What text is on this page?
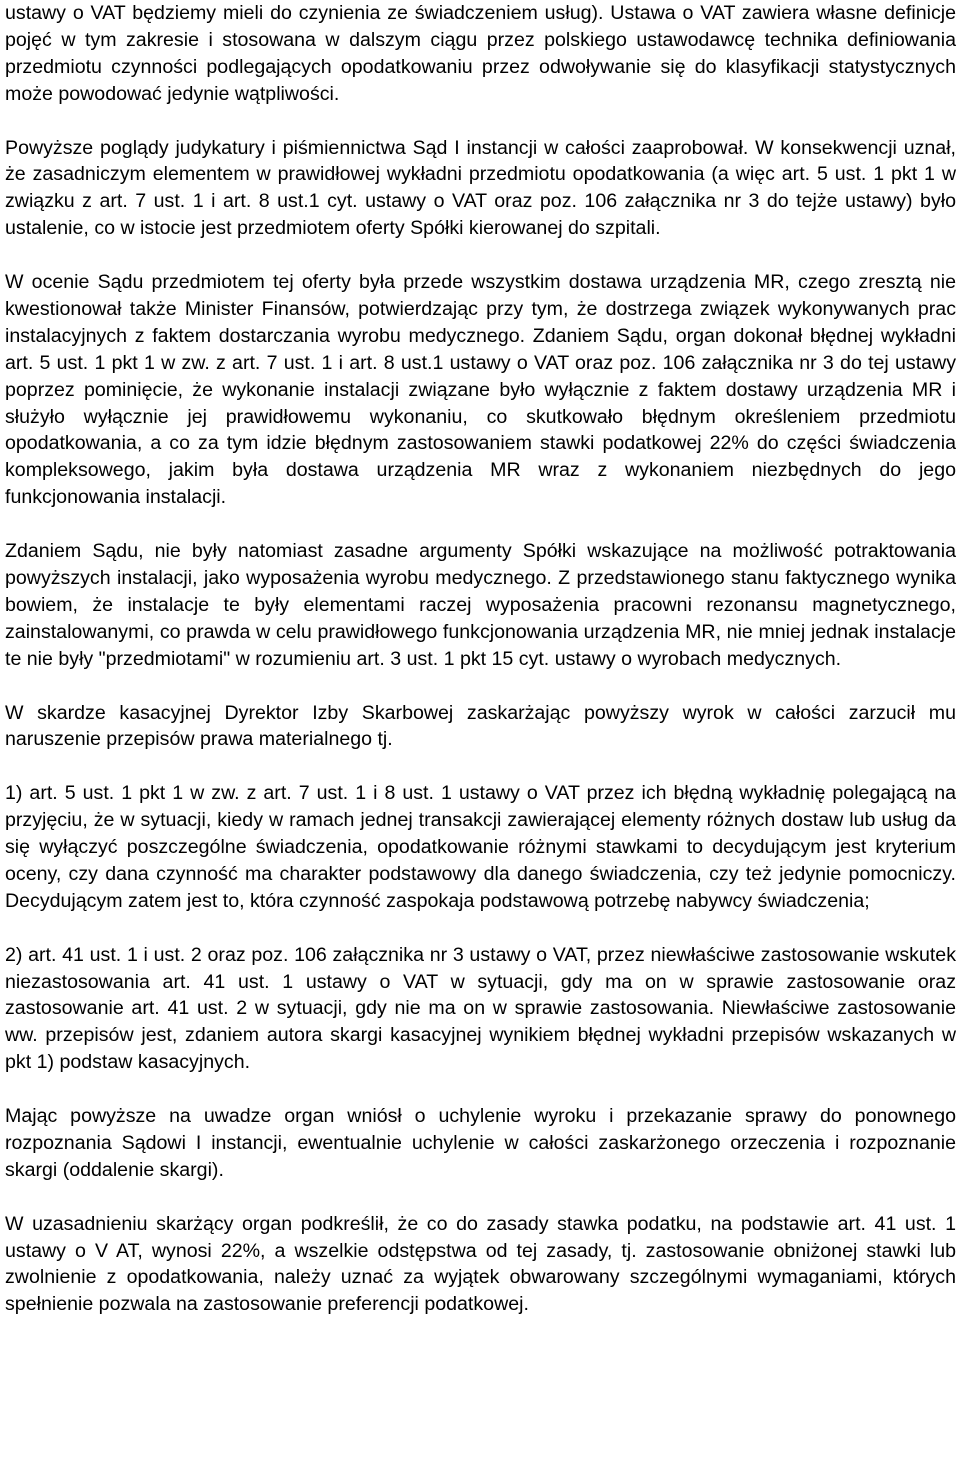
ustawy o VAT będziemy mieli do czynienia ze świadczeniem usług). Ustawa o VAT zawiera własne definicje pojęć w tym zakresie i stosowana w dalszym ciągu przez polskiego ustawodawcę technika definiowania przedmiotu czynności podlegających opodatkowaniu przez odwoływanie się do klasyfikacji statystycznych może powodować jedynie wątpliwości.

Powyższe poglądy judykatury i piśmiennictwa Sąd I instancji w całości zaaprobował. W konsekwencji uznał, że zasadniczym elementem w prawidłowej wykładni przedmiotu opodatkowania (a więc art. 5 ust. 1 pkt 1 w związku z art. 7 ust. 1 i art. 8 ust.1 cyt. ustawy o VAT oraz poz. 106 załącznika nr 3 do tejże ustawy) było ustalenie, co w istocie jest przedmiotem oferty Spółki kierowanej do szpitali.

W ocenie Sądu przedmiotem tej oferty była przede wszystkim dostawa urządzenia MR, czego zresztą nie kwestionował także Minister Finansów, potwierdzając przy tym, że dostrzega związek wykonywanych prac instalacyjnych z faktem dostarczania wyrobu medycznego. Zdaniem Sądu, organ dokonał błędnej wykładni art. 5 ust. 1 pkt 1 w zw. z art. 7 ust. 1 i art. 8 ust.1 ustawy o VAT oraz poz. 106 załącznika nr 3 do tej ustawy poprzez pominięcie, że wykonanie instalacji związane było wyłącznie z faktem dostawy urządzenia MR i służyło wyłącznie jej prawidłowemu wykonaniu, co skutkowało błędnym określeniem przedmiotu opodatkowania, a co za tym idzie błędnym zastosowaniem stawki podatkowej 22% do części świadczenia kompleksowego, jakim była dostawa urządzenia MR wraz z wykonaniem niezbędnych do jego funkcjonowania instalacji.

Zdaniem Sądu, nie były natomiast zasadne argumenty Spółki wskazujące na możliwość potraktowania powyższych instalacji, jako wyposażenia wyrobu medycznego. Z przedstawionego stanu faktycznego wynika bowiem, że instalacje te były elementami raczej wyposażenia pracowni rezonansu magnetycznego, zainstalowanymi, co prawda w celu prawidłowego funkcjonowania urządzenia MR, nie mniej jednak instalacje te nie były "przedmiotami" w rozumieniu art. 3 ust. 1 pkt 15 cyt. ustawy o wyrobach medycznych.

W skardze kasacyjnej Dyrektor Izby Skarbowej zaskarżając powyższy wyrok w całości zarzucił mu naruszenie przepisów prawa materialnego tj.

1) art. 5 ust. 1 pkt 1 w zw. z art. 7 ust. 1 i 8 ust. 1 ustawy o VAT przez ich błędną wykładnię polegającą na przyjęciu, że w sytuacji, kiedy w ramach jednej transakcji zawierającej elementy różnych dostaw lub usług da się wyłączyć poszczególne świadczenia, opodatkowanie różnymi stawkami to decydującym jest kryterium oceny, czy dana czynność ma charakter podstawowy dla danego świadczenia, czy też jedynie pomocniczy. Decydującym zatem jest to, która czynność zaspokaja podstawową potrzebę nabywcy świadczenia;

2) art. 41 ust. 1 i ust. 2 oraz poz. 106 załącznika nr 3 ustawy o VAT, przez niewłaściwe zastosowanie wskutek niezastosowania art. 41 ust. 1 ustawy o VAT w sytuacji, gdy ma on w sprawie zastosowanie oraz zastosowanie art. 41 ust. 2 w sytuacji, gdy nie ma on w sprawie zastosowania. Niewłaściwe zastosowanie ww. przepisów jest, zdaniem autora skargi kasacyjnej wynikiem błędnej wykładni przepisów wskazanych w pkt 1) podstaw kasacyjnych.

Mając powyższe na uwadze organ wniósł o uchylenie wyroku i przekazanie sprawy do ponownego rozpoznania Sądowi I instancji, ewentualnie uchylenie w całości zaskarżonego orzeczenia i rozpoznanie skargi (oddalenie skargi).

W uzasadnieniu skarżący organ podkreślił, że co do zasady stawka podatku, na podstawie art. 41 ust. 1 ustawy o V AT, wynosi 22%, a wszelkie odstępstwa od tej zasady, tj. zastosowanie obniżonej stawki lub zwolnienie z opodatkowania, należy uznać za wyjątek obwarowany szczególnymi wymaganiami, których spełnienie pozwala na zastosowanie preferencji podatkowej.
